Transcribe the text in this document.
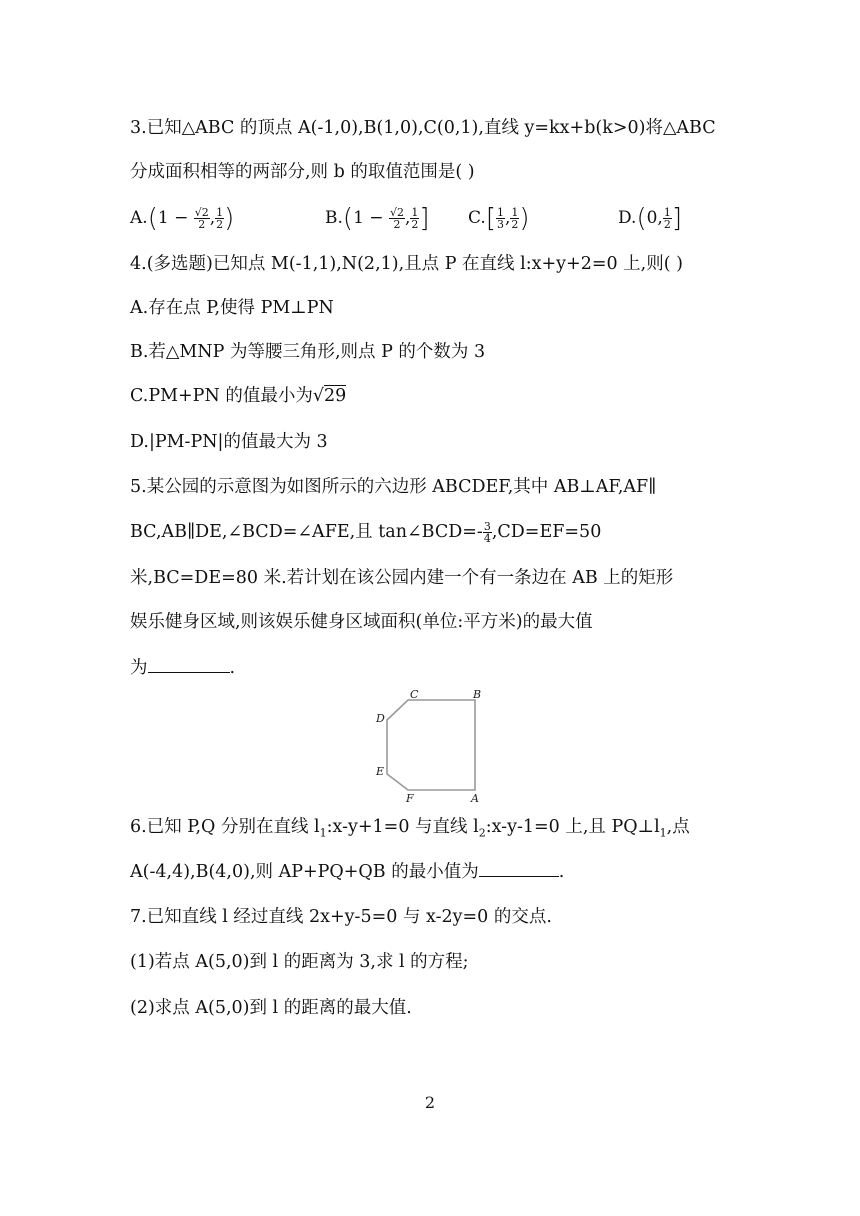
3.已知△ABC 的顶点 A(-1,0),B(1,0),C(0,1),直线 y=kx+b(k>0)将△ABC
分成面积相等的两部分,则 b 的取值范围是( )
$A.(1 - \frac{√2}{2}$ , $\frac{1}{2}$ )	$B.(1 - \frac{√2}{2}$ , $\frac{1}{2}$ ] $C.[ \frac{1}{3}$ , $\frac{1}{2}$ )	D.(0, $\frac{1}{2}$ ]
4.(多选题)已知点 M(-1,1),N(2,1),且点 P 在直线 l:x+y+2=0 上,则( )
A.存在点 P,使得 PM⊥PN
B.若△MNP 为等腰三角形,则点 P 的个数为 3
C.PM+PN 的值最小为√29
D.|PM-PN|的值最大为 3
5.某公园的示意图为如图所示的六边形 ABCDEF,其中 AB⊥AF,AF∥
BC,AB∥DE,∠BCD=∠AFE,且 tan∠BCD=- $\frac{3}{4} ,CD=EF=50$
米,BC=DE=80 米.若计划在该公园内建一个有一条边在 AB 上的矩形
娱乐健身区域,则该娱乐健身区域面积(单位:平方米)的最大值
为	.
C	B
D
E
F	A
6.已知 P,Q 分别在直线 $l_1:x-y+1=0$ 与直线 $l_2:x-y-1=0$ 上,且 $PQ\perp l_1$,点
A(-4,4),B(4,0),则 AP+PQ+QB 的最小值为	.
7.已知直线 l 经过直线 2x+y-5=0 与 x-2y=0 的交点.
(1)若点 A(5,0)到 l 的距离为 3,求 l 的方程;
(2)求点 A(5,0)到 l 的距离的最大值.
2
